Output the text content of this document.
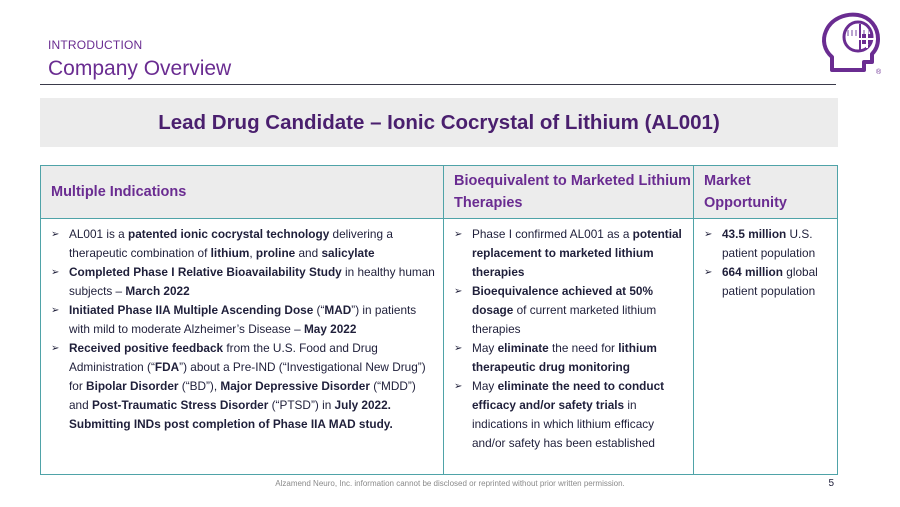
INTRODUCTION
Company Overview	®
Lead Drug Candidate – Ionic Cocrystal of Lithium (AL001)
Multiple Indications
Bioequivalent to Marketed Lithium Therapies
Market Opportunity
➢ AL001 is a patented ionic cocrystal technology delivering a therapeutic combination of lithium, proline and salicylate
➢ Completed Phase I Relative Bioavailability Study in healthy human subjects – March 2022
➢ Initiated Phase IIA Multiple Ascending Dose (“MAD”) in patients with mild to moderate Alzheimer’s Disease – May 2022
➢ Received positive feedback from the U.S. Food and Drug Administration (“FDA”) about a Pre-IND (“Investigational New Drug”) for Bipolar Disorder (“BD”), Major Depressive Disorder (“MDD”) and Post-Traumatic Stress Disorder (“PTSD”) in July 2022. Submitting INDs post completion of Phase IIA MAD study.
➢ Phase I confirmed AL001 as a potential replacement to marketed lithium therapies
➢ Bioequivalence achieved at 50% dosage of current marketed lithium therapies
➢ May eliminate the need for lithium therapeutic drug monitoring
➢ May eliminate the need to conduct efficacy and/or safety trials in indications in which lithium efficacy and/or safety has been established
➢ 43.5 million U.S. patient population
➢ 664 million global patient population
Alzamend Neuro, Inc. information cannot be disclosed or reprinted without prior written permission.	5
